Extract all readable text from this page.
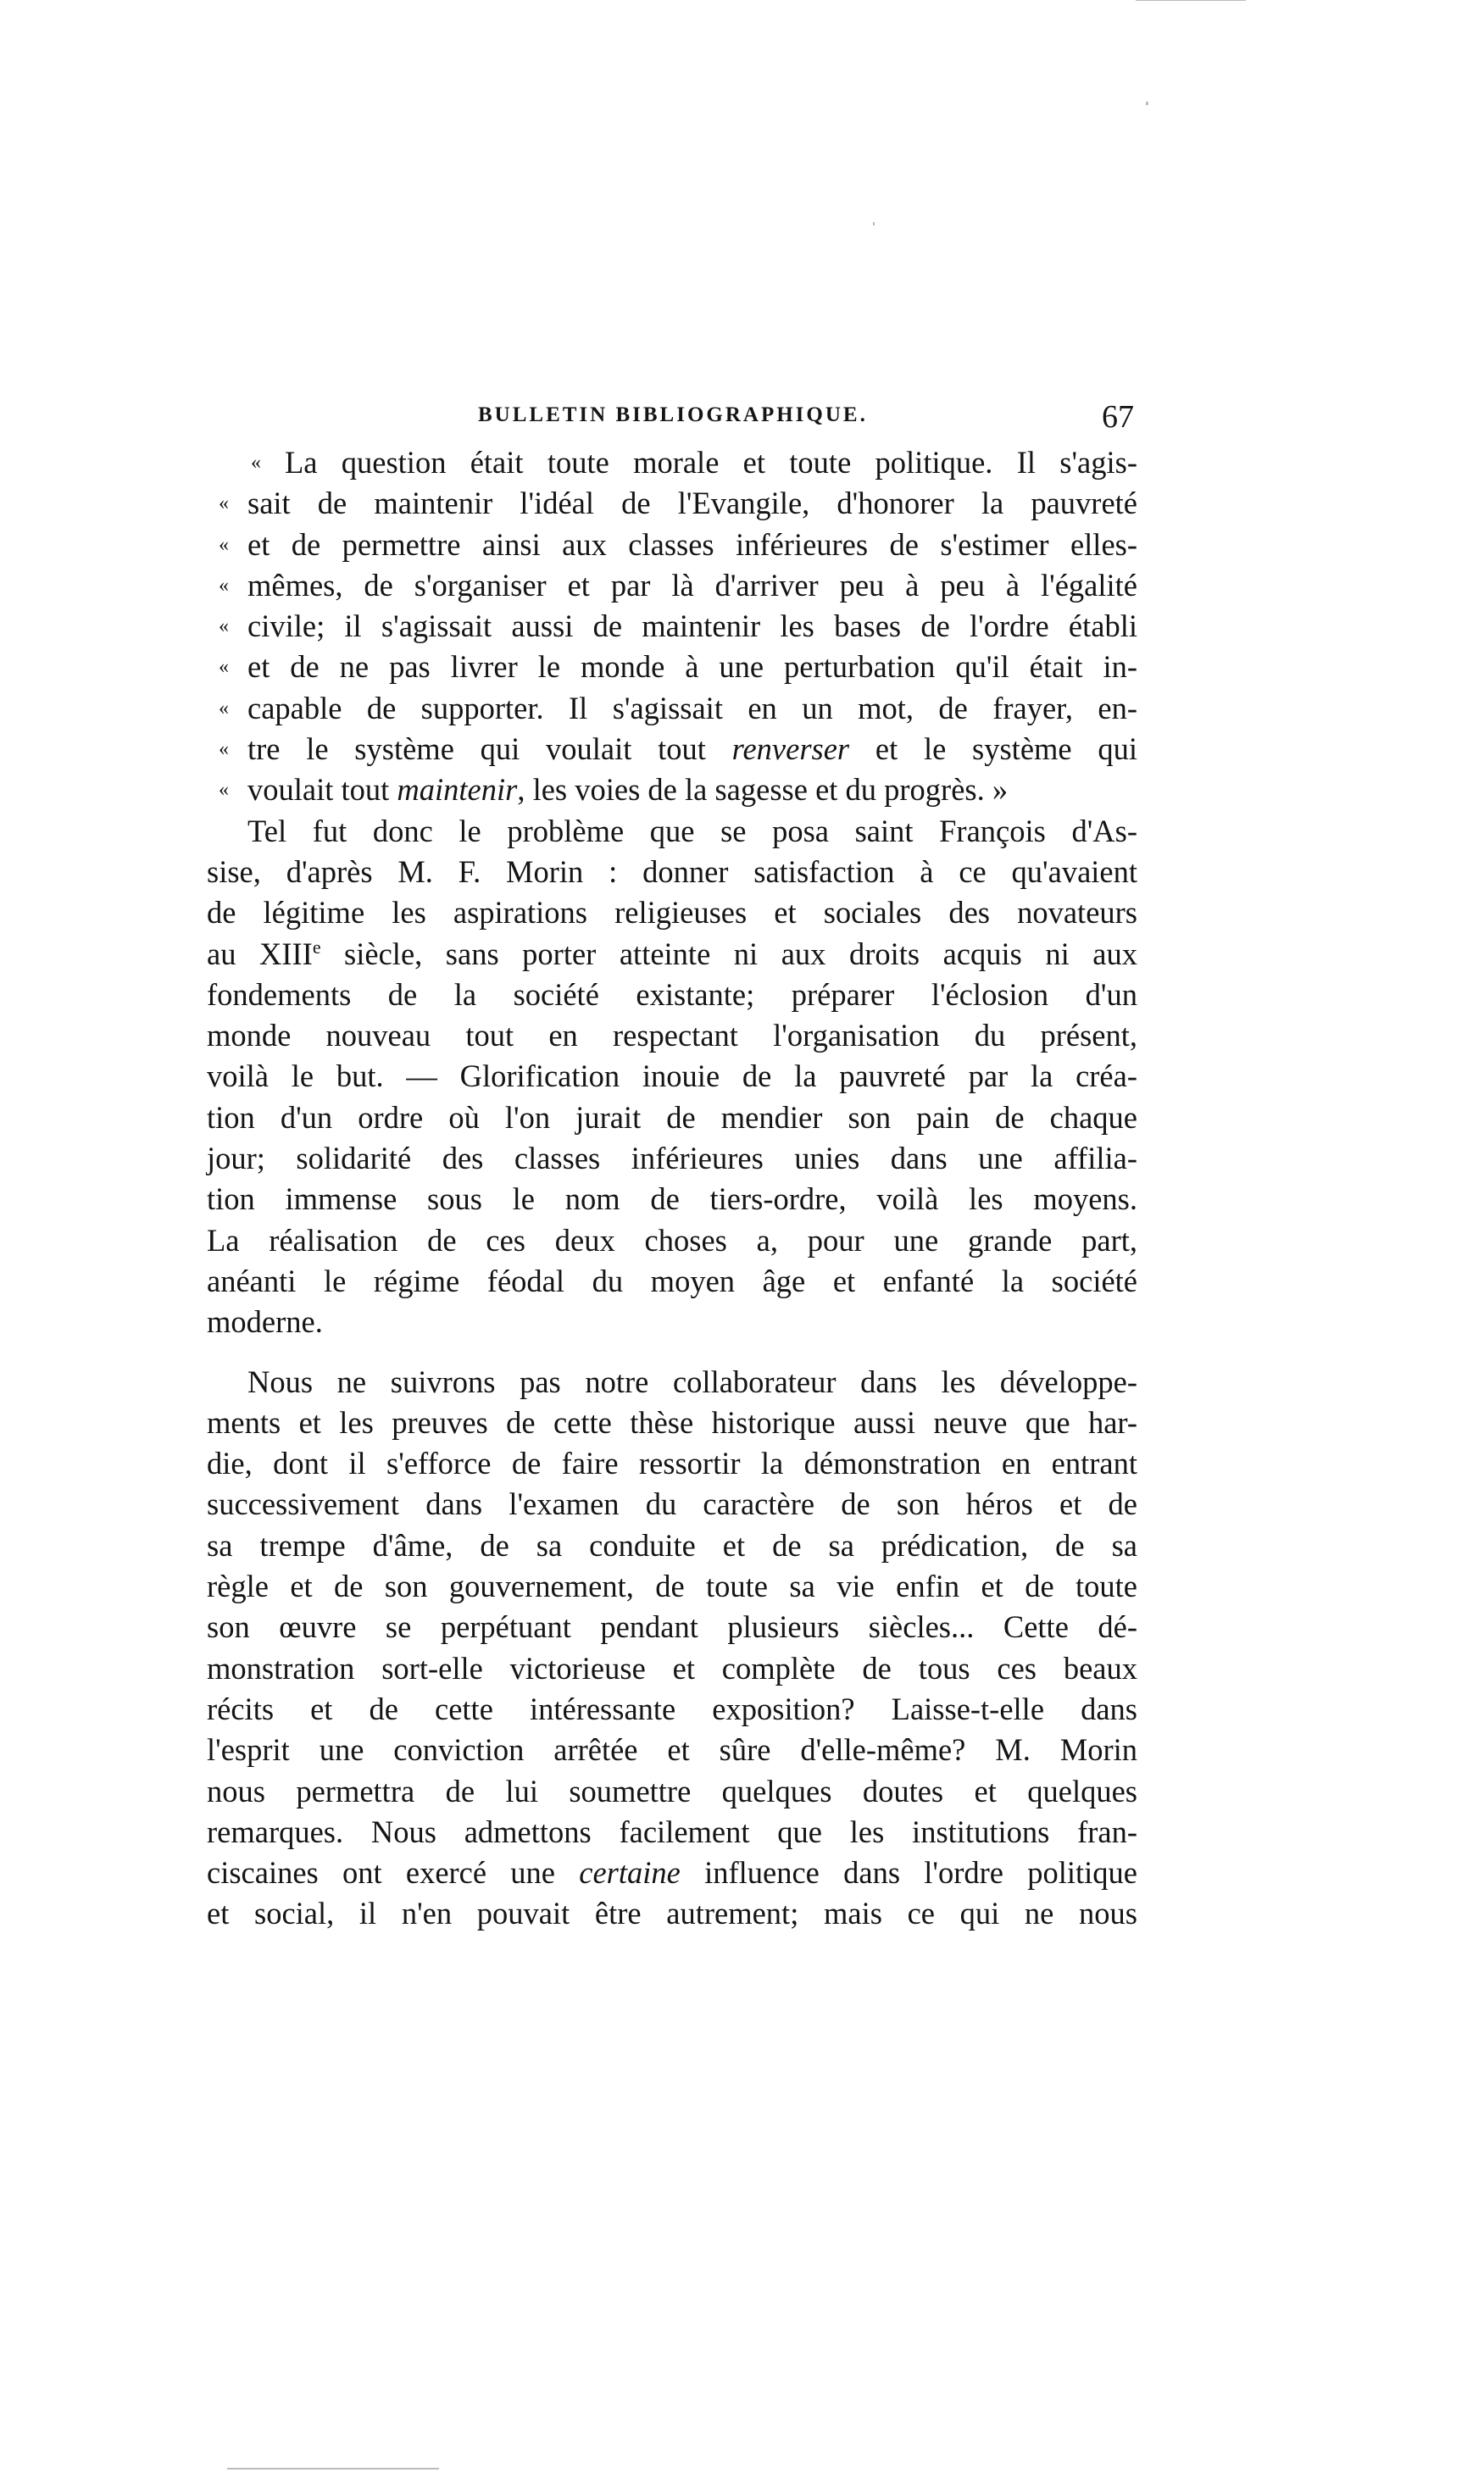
BULLETIN BIBLIOGRAPHIQUE.	67
« La question était toute morale et toute politique. Il s'agis-
« sait de maintenir l'idéal de l'Evangile, d'honorer la pauvreté
« et de permettre ainsi aux classes inférieures de s'estimer elles-
« mêmes, de s'organiser et par là d'arriver peu à peu à l'égalité
« civile; il s'agissait aussi de maintenir les bases de l'ordre établi
« et de ne pas livrer le monde à une perturbation qu'il était in-
« capable de supporter. Il s'agissait en un mot, de frayer, en-
« tre le système qui voulait tout renverser et le système qui
« voulait tout maintenir, les voies de la sagesse et du progrès. »
Tel fut donc le problème que se posa saint François d'As-
sise, d'après M. F. Morin : donner satisfaction à ce qu'avaient
de légitime les aspirations religieuses et sociales des novateurs
au XIIIe siècle, sans porter atteinte ni aux droits acquis ni aux
fondements de la société existante; préparer l'éclosion d'un
monde nouveau tout en respectant l'organisation du présent,
voilà le but. — Glorification inouie de la pauvreté par la créa-
tion d'un ordre où l'on jurait de mendier son pain de chaque
jour; solidarité des classes inférieures unies dans une affilia-
tion immense sous le nom de tiers-ordre, voilà les moyens.
La réalisation de ces deux choses a, pour une grande part,
anéanti le régime féodal du moyen âge et enfanté la société
moderne.
Nous ne suivrons pas notre collaborateur dans les développe-
ments et les preuves de cette thèse historique aussi neuve que har-
die, dont il s'efforce de faire ressortir la démonstration en entrant
successivement dans l'examen du caractère de son héros et de
sa trempe d'âme, de sa conduite et de sa prédication, de sa
règle et de son gouvernement, de toute sa vie enfin et de toute
son œuvre se perpétuant pendant plusieurs siècles... Cette dé-
monstration sort-elle victorieuse et complète de tous ces beaux
récits et de cette intéressante exposition? Laisse-t-elle dans
l'esprit une conviction arrêtée et sûre d'elle-même? M. Morin
nous permettra de lui soumettre quelques doutes et quelques
remarques. Nous admettons facilement que les institutions fran-
ciscaines ont exercé une certaine influence dans l'ordre politique
et social, il n'en pouvait être autrement; mais ce qui ne nous
